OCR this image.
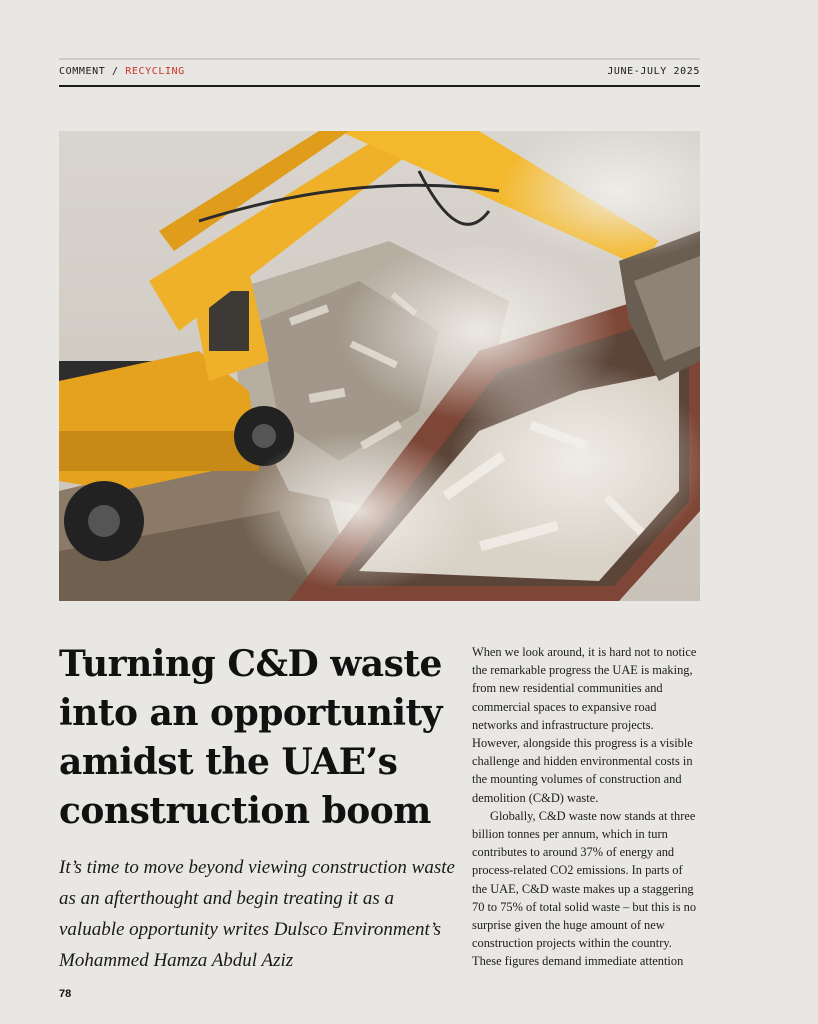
COMMENT / RECYCLING	JUNE-JULY 2025
Turning C&D waste into an opportunity amidst the UAE’s construction boom

It’s time to move beyond viewing construction waste as an afterthought and begin treating it as a valuable opportunity writes Dulsco Environment’s Mohammed Hamza Abdul Aziz

When we look around, it is hard not to notice the remarkable progress the UAE is making, from new residential communities and commercial spaces to expansive road networks and infrastructure projects. However, alongside this progress is a visible challenge and hidden environmental costs in the mounting volumes of construction and demolition (C&D) waste.

Globally, C&D waste now stands at three billion tonnes per annum, which in turn contributes to around 37% of energy and process-related CO2 emissions. In parts of the UAE, C&D waste makes up a staggering 70 to 75% of total solid waste – but this is no surprise given the huge amount of new construction projects within the country. These figures demand immediate attention

78
